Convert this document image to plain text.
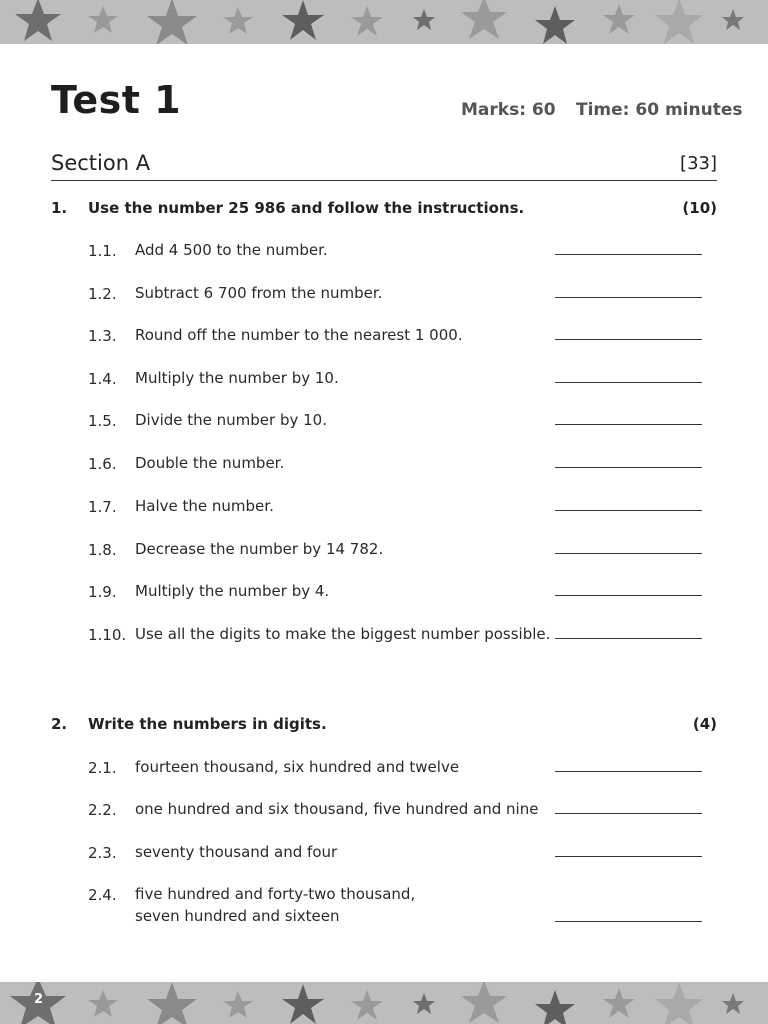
Test 1	Marks: 60 Time: 60 minutes
Section A	[33]
1. Use the number 25 986 and follow the instructions.	(10)
1.1. Add 4 500 to the number.
1.2. Subtract 6 700 from the number.
1.3. Round off the number to the nearest 1 000.
1.4. Multiply the number by 10.
1.5. Divide the number by 10.
1.6. Double the number.
1.7. Halve the number.
1.8. Decrease the number by 14 782.
1.9. Multiply the number by 4.
1.10. Use all the digits to make the biggest number possible.
2. Write the numbers in digits.	(4)
2.1. fourteen thousand, six hundred and twelve
2.2. one hundred and six thousand, five hundred and nine
2.3. seventy thousand and four
2.4. five hundred and forty-two thousand,
seven hundred and sixteen
2
